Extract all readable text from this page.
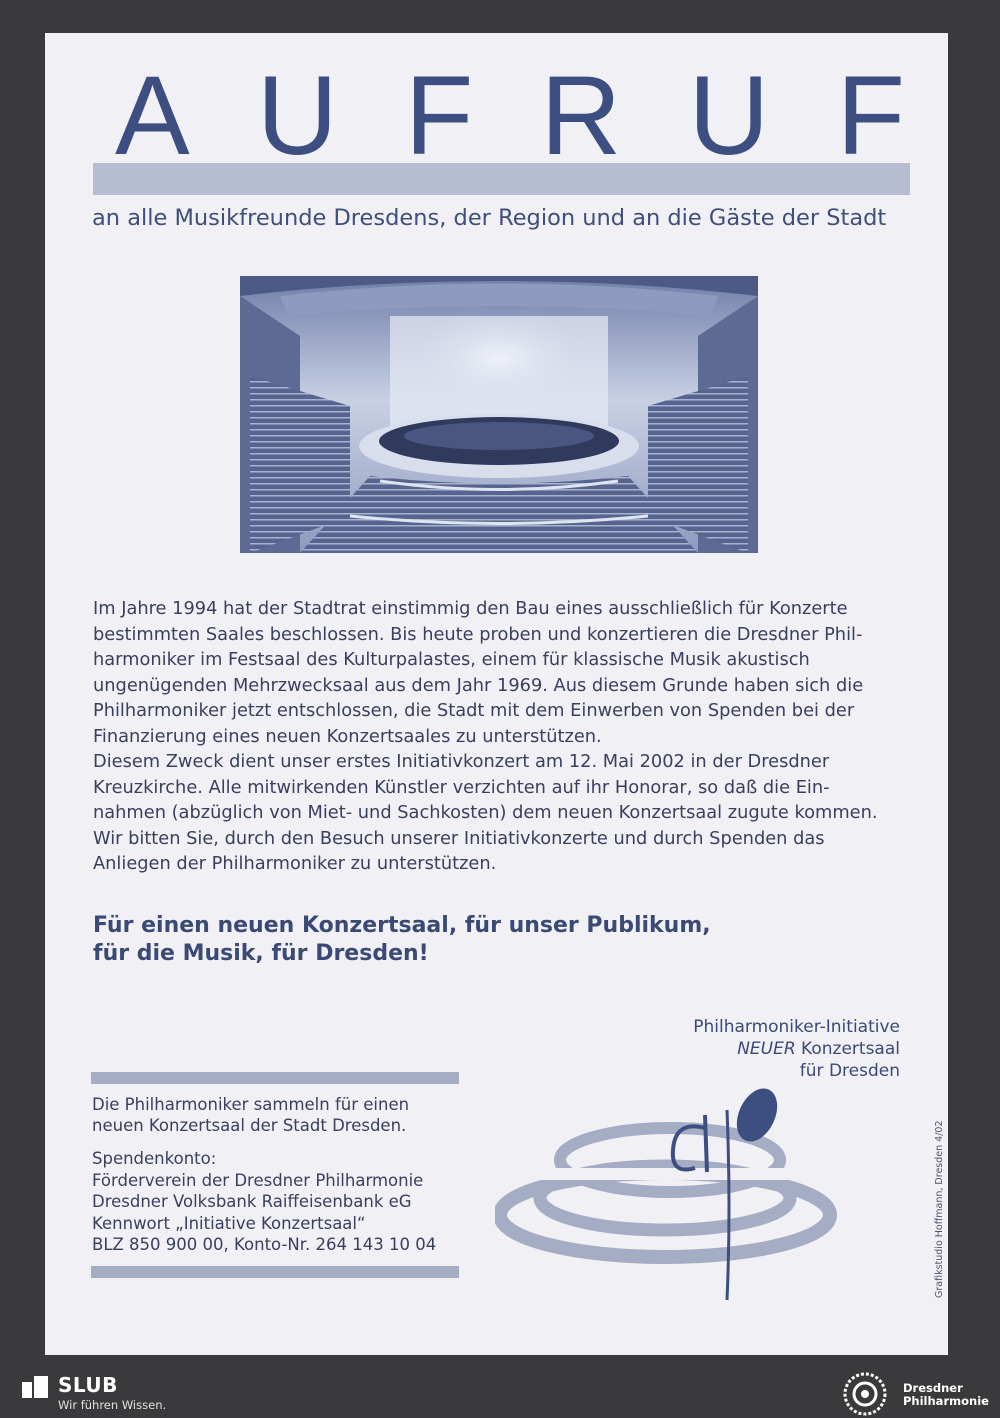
A U F R U F
an alle Musikfreunde Dresdens, der Region und an die Gäste der Stadt

Im Jahre 1994 hat der Stadtrat einstimmig den Bau eines ausschließlich für Konzerte

bestimmten Saales beschlossen. Bis heute proben und konzertieren die Dresdner Phil-

harmoniker im Festsaal des Kulturpalastes, einem für klassische Musik akustisch

ungenügenden Mehrzwecksaal aus dem Jahr 1969. Aus diesem Grunde haben sich die

Philharmoniker jetzt entschlossen, die Stadt mit dem Einwerben von Spenden bei der

Finanzierung eines neuen Konzertsaales zu unterstützen.

Diesem Zweck dient unser erstes Initiativkonzert am 12. Mai 2002 in der Dresdner

Kreuzkirche. Alle mitwirkenden Künstler verzichten auf ihr Honorar, so daß die Ein-

nahmen (abzüglich von Miet- und Sachkosten) dem neuen Konzertsaal zugute kommen.

Wir bitten Sie, durch den Besuch unserer Initiativkonzerte und durch Spenden das

Anliegen der Philharmoniker zu unterstützen.

Für einen neuen Konzertsaal, für unser Publikum,
für die Musik, für Dresden!
Philharmoniker-Initiative
NEUER Konzertsaal
für Dresden
Die Philharmoniker sammeln für einen
neuen Konzertsaal der Stadt Dresden.
Spendenkonto:
Förderverein der Dresdner Philharmonie
Dresdner Volksbank Raiffeisenbank eG
Kennwort „Initiative Konzertsaal“
BLZ 850 900 00, Konto-Nr. 264 143 10 04	Grafikstudio Hoffmann, Dresden 4/02
SLUB
Wir führen Wissen.
Dresdner
Philharmonie
